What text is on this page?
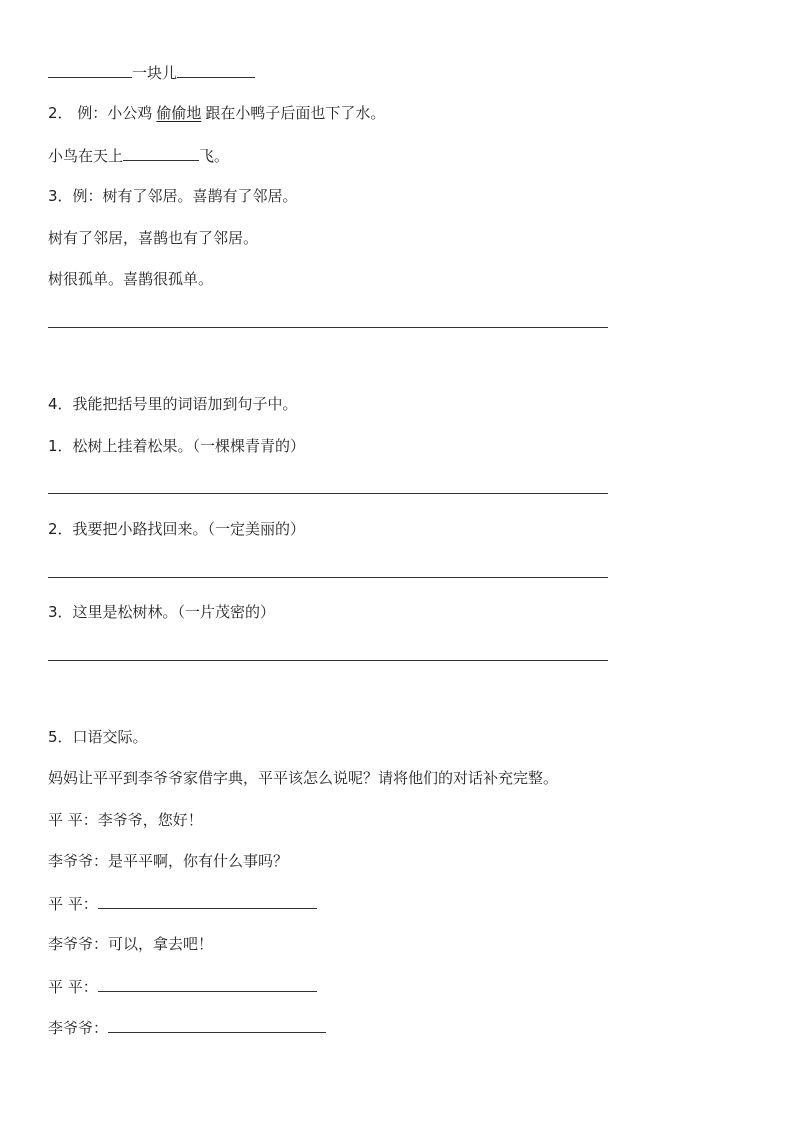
一块儿
2． 例：小公鸡 偷偷地 跟在小鸭子后面也下了水。
小鸟在天上	飞。
3．例：树有了邻居。喜鹊有了邻居。
树有了邻居，喜鹊也有了邻居。
树很孤单。喜鹊很孤单。
4．我能把括号里的词语加到句子中。
1．松树上挂着松果。（一棵棵青青的）
2．我要把小路找回来。（一定美丽的）
3．这里是松树林。（一片茂密的）
5．口语交际。
妈妈让平平到李爷爷家借字典，平平该怎么说呢？请将他们的对话补充完整。
平 平：李爷爷，您好！
李爷爷：是平平啊，你有什么事吗？
平 平：
李爷爷：可以，拿去吧！
平 平：
李爷爷：
